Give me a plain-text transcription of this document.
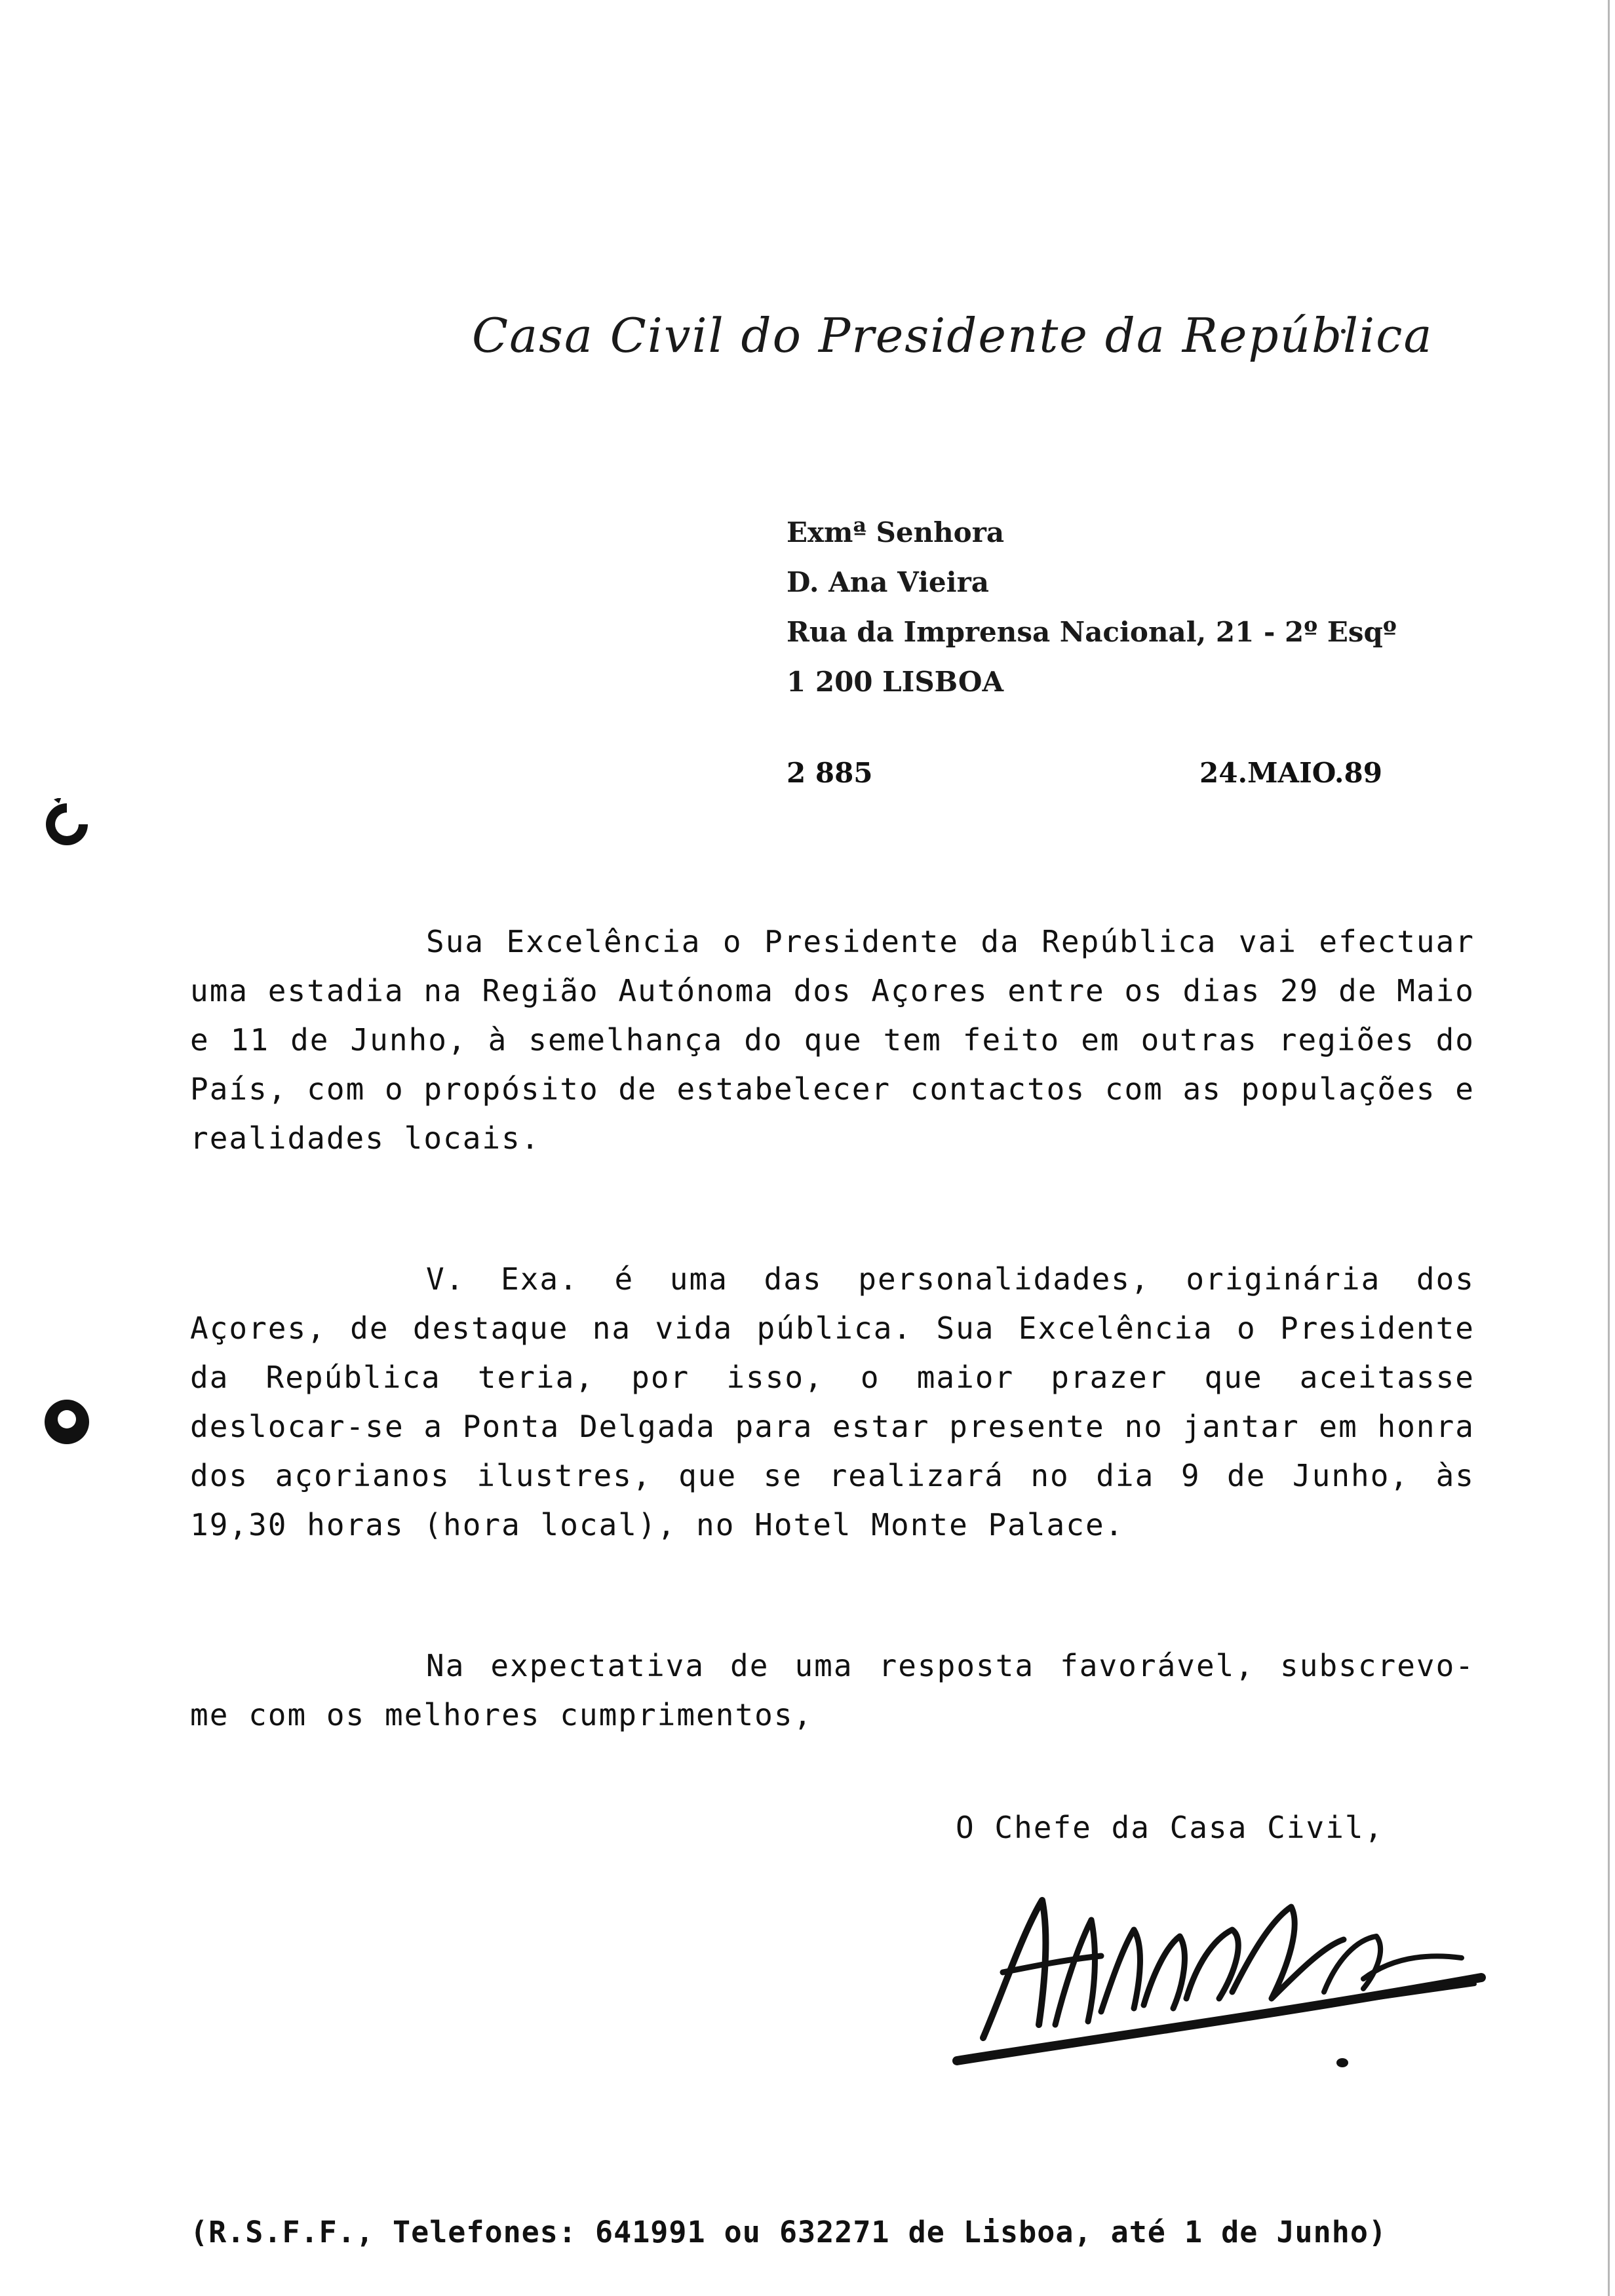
Casa Civil do Presidente da República
Exmª Senhora
D. Ana Vieira
Rua da Imprensa Nacional, 21 - 2º Esqº
1 200 LISBOA
2 885	24.MAIO.89

Sua Excelência o Presidente da República vai efectuar uma estadia na Região Autónoma dos Açores entre os dias 29 de Maio e 11 de Junho, à semelhança do que tem feito em outras regiões do País, com o propósito de estabelecer contactos com as populações e realidades locais.

V. Exa. é uma das personalidades, originária dos Açores, de destaque na vida pública. Sua Excelência o Presidente da República teria, por isso, o maior prazer que aceitasse deslocar-se a Ponta Delgada para estar presente no jantar em honra dos açorianos ilustres, que se realizará no dia 9 de Junho, às 19,30 horas (hora local), no Hotel Monte Palace.

Na expectativa de uma resposta favorável, subscrevo-me com os melhores cumprimentos,

O Chefe da Casa Civil,
(R.S.F.F., Telefones: 641991 ou 632271 de Lisboa, até 1 de Junho)
